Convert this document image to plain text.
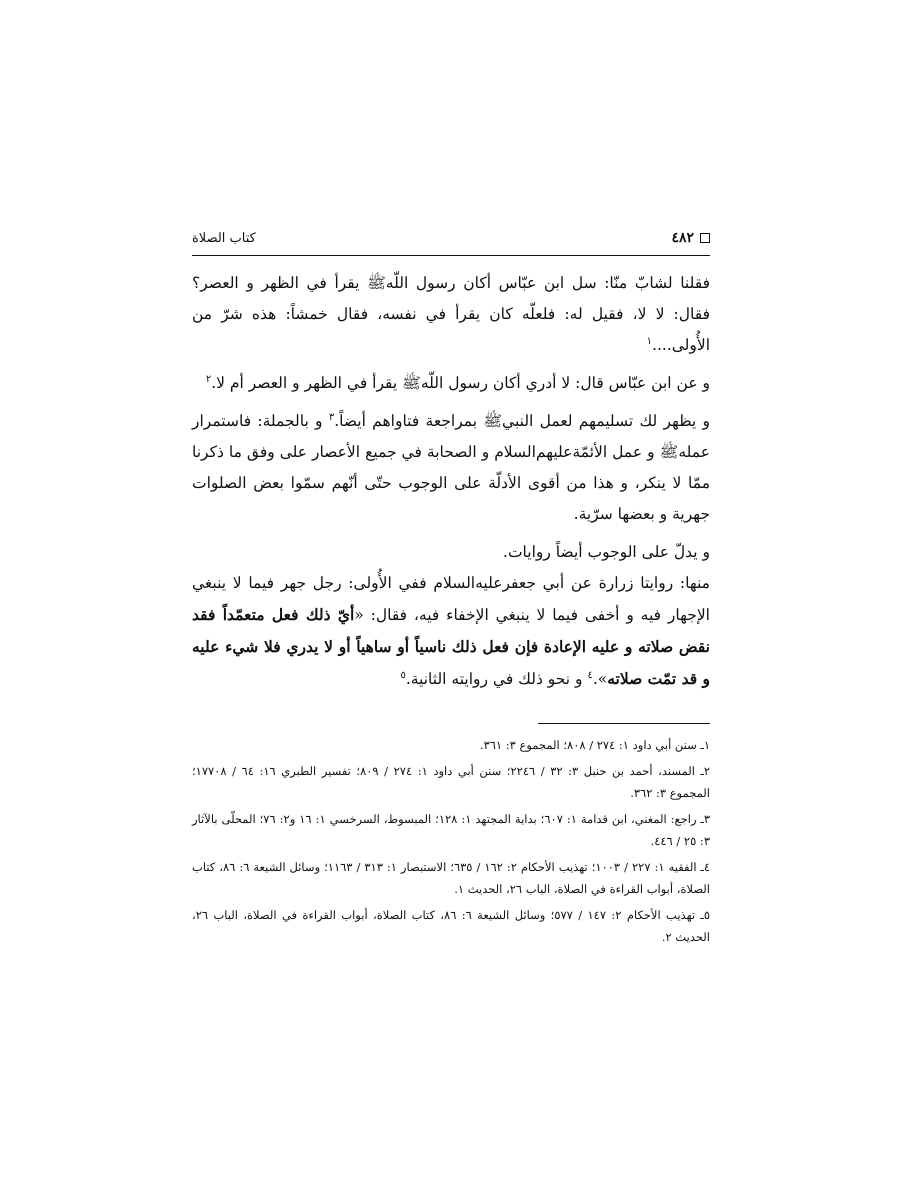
٤٨٢
كتاب الصلاة

فقلنا لشابّ منّا: سل ابن عبّاس أكان رسول اللّهﷺ يقرأ في الظهر و العصر؟ فقال: لا لا، فقيل له: فلعلّه كان يقرأ في نفسه، فقال خمشاً: هذه شرّ من الأُولى....$^١$

و عن ابن عبّاس قال: لا أدري أكان رسول اللّهﷺ يقرأ في الظهر و العصر أم لا.$^٢$

و يظهر لك تسليمهم لعمل النبيﷺ بمراجعة فتاواهم أيضاً.$^٣$ و بالجملة: فاستمرار عملهﷺ و عمل الأئمّة‌عليهم‌السلام و الصحابة في جميع الأعصار على وفق ما ذكرنا ممّا لا ينكر، و هذا من أقوى الأدلّة على الوجوب حتّى أنّهم سمّوا بعض الصلوات جهرية و بعضها سرّية.

و يدلّ على الوجوب أيضاً روايات.

منها: روايتا زرارة عن أبي جعفرعليه‌السلام ففي الأُولى: رجل جهر فيما لا ينبغي الإجهار فيه و أخفى فيما لا ينبغي الإخفاء فيه، فقال: «أيّ ذلك فعل متعمّداً فقد نقض صلاته و عليه الإعادة فإن فعل ذلك ناسياً أو ساهياً أو لا يدري فلا شيء عليه و قد تمّت صلاته».$^٤$ و نحو ذلك في روايته الثانية.$^٥$

١ـ سنن أبي داود ١: ٢٧٤ / ٨٠٨؛ المجموع ٣: ٣٦١.

٢ـ المسند، أحمد بن حنبل ٣: ٣٢ / ٢٢٤٦؛ سنن أبي داود ١: ٢٧٤ / ٨٠٩؛ تفسير الطبري ١٦: ٦٤ / ١٧٧٠٨؛ المجموع ٣: ٣٦٢.

٣ـ راجع: المغني، ابن قدامة ١: ٦٠٧؛ بداية المجتهد ١: ١٢٨؛ المبسوط، السرخسي ١: ١٦ و٢: ٧٦؛ المحلّى بالآثار ٣: ٢٥ / ٤٤٦.

٤ـ الفقيه ١: ٢٢٧ / ١٠٠٣؛ تهذيب الأحكام ٢: ١٦٢ / ٦٣٥؛ الاستبصار ١: ٣١٣ / ١١٦٣؛ وسائل الشيعة ٦: ٨٦، كتاب الصلاة، أبواب القراءة في الصلاة، الباب ٢٦، الحديث ١.

٥ـ تهذيب الأحكام ٢: ١٤٧ / ٥٧٧؛ وسائل الشيعة ٦: ٨٦، كتاب الصلاة، أبواب القراءة في الصلاة، الباب ٢٦، الحديث ٢.
